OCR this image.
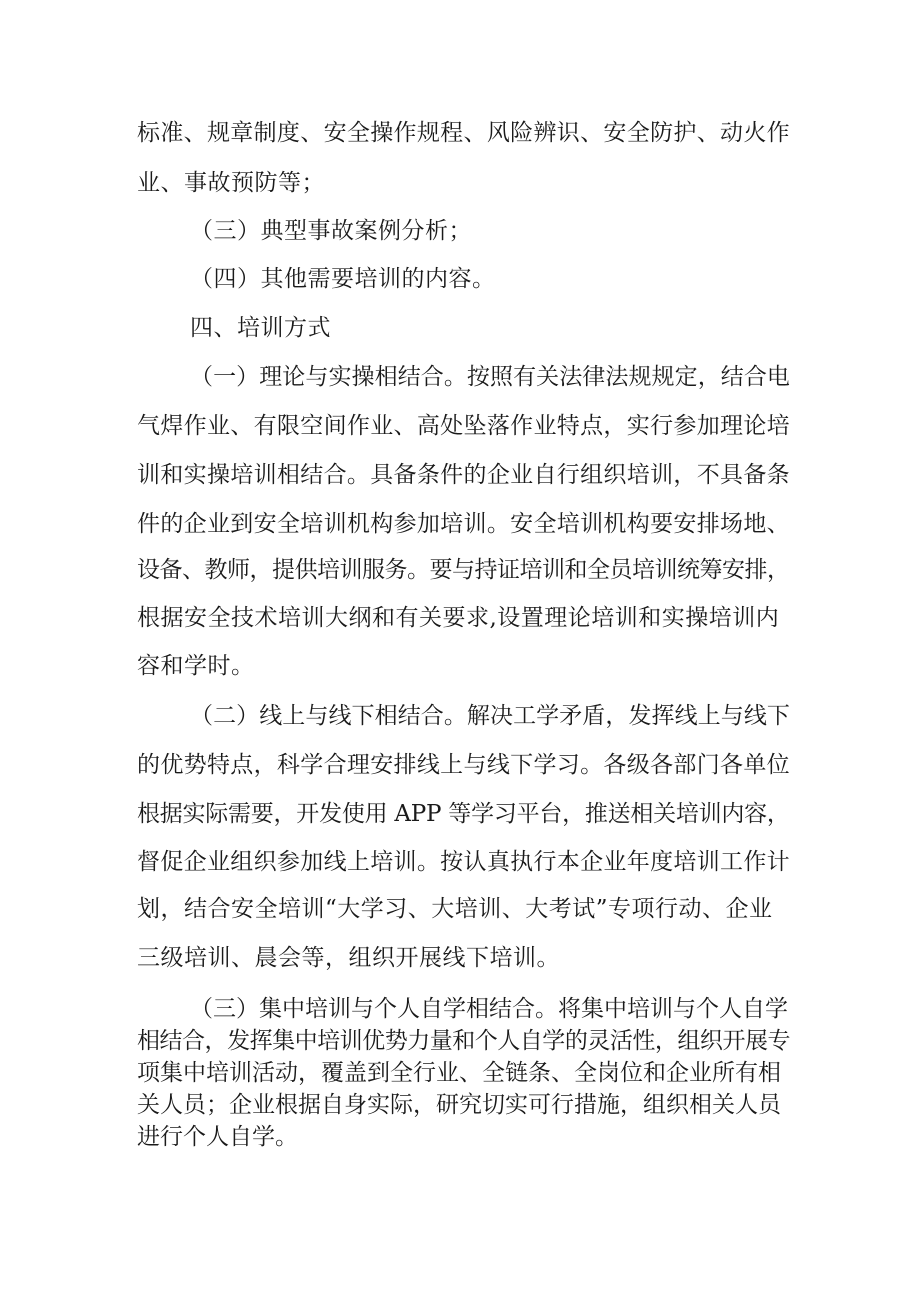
标准、规章制度、安全操作规程、风险辨识、安全防护、动火作
业、事故预防等；
（三）典型事故案例分析；
（四）其他需要培训的内容。
四、培训方式
（一）理论与实操相结合。按照有关法律法规规定，结合电
气焊作业、有限空间作业、高处坠落作业特点，实行参加理论培
训和实操培训相结合。具备条件的企业自行组织培训，不具备条
件的企业到安全培训机构参加培训。安全培训机构要安排场地、
设备、教师，提供培训服务。要与持证培训和全员培训统筹安排，
根据安全技术培训大纲和有关要求,设置理论培训和实操培训内
容和学时。
（二）线上与线下相结合。解决工学矛盾，发挥线上与线下
的优势特点，科学合理安排线上与线下学习。各级各部门各单位
根据实际需要，开发使用 APP 等学习平台，推送相关培训内容，
督促企业组织参加线上培训。按认真执行本企业年度培训工作计
划，结合安全培训“大学习、大培训、大考试”专项行动、企业
三级培训、晨会等，组织开展线下培训。
（三）集中培训与个人自学相结合。将集中培训与个人自学
相结合，发挥集中培训优势力量和个人自学的灵活性，组织开展专
项集中培训活动，覆盖到全行业、全链条、全岗位和企业所有相
关人员；企业根据自身实际，研究切实可行措施，组织相关人员
进行个人自学。
